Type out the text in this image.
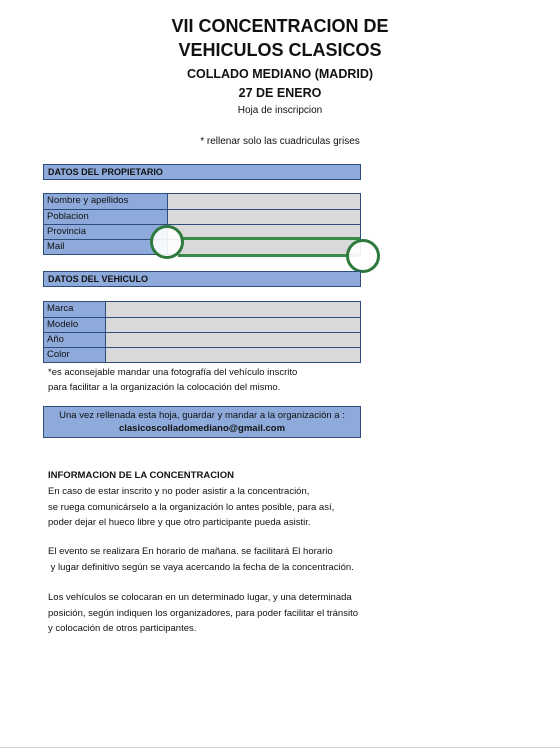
VII CONCENTRACION DE
VEHICULOS CLASICOS
COLLADO MEDIANO (MADRID)
27 DE ENERO
Hoja de inscripcion
* rellenar solo las cuadriculas grises
DATOS DEL PROPIETARIO
Nombre y apellidos
Poblacion
Provincia
Mail
DATOS DEL VEHICULO
Marca
Modelo
Año
Color
*es aconsejable mandar una fotografía del vehículo inscrito
para facilitar a la organización la colocación del mismo.
Una vez rellenada esta hoja, guardar y mandar a la organización a :
clasicoscolladomediano@gmail.com
INFORMACION DE LA CONCENTRACION
En caso de estar inscrito y no poder asistir a la concentración,
se ruega comunicárselo a la organización lo antes posible, para así,
poder dejar el hueco libre y que otro participante pueda asistir.
El evento se realizara En horario de mañana. se facilitará El horario
y lugar definitivo según se vaya acercando la fecha de la concentración.
Los vehículos se colocaran en un determinado lugar, y una determinada
posición, según indiquen los organizadores, para poder facilitar el tránsito
y colocación de otros participantes.
